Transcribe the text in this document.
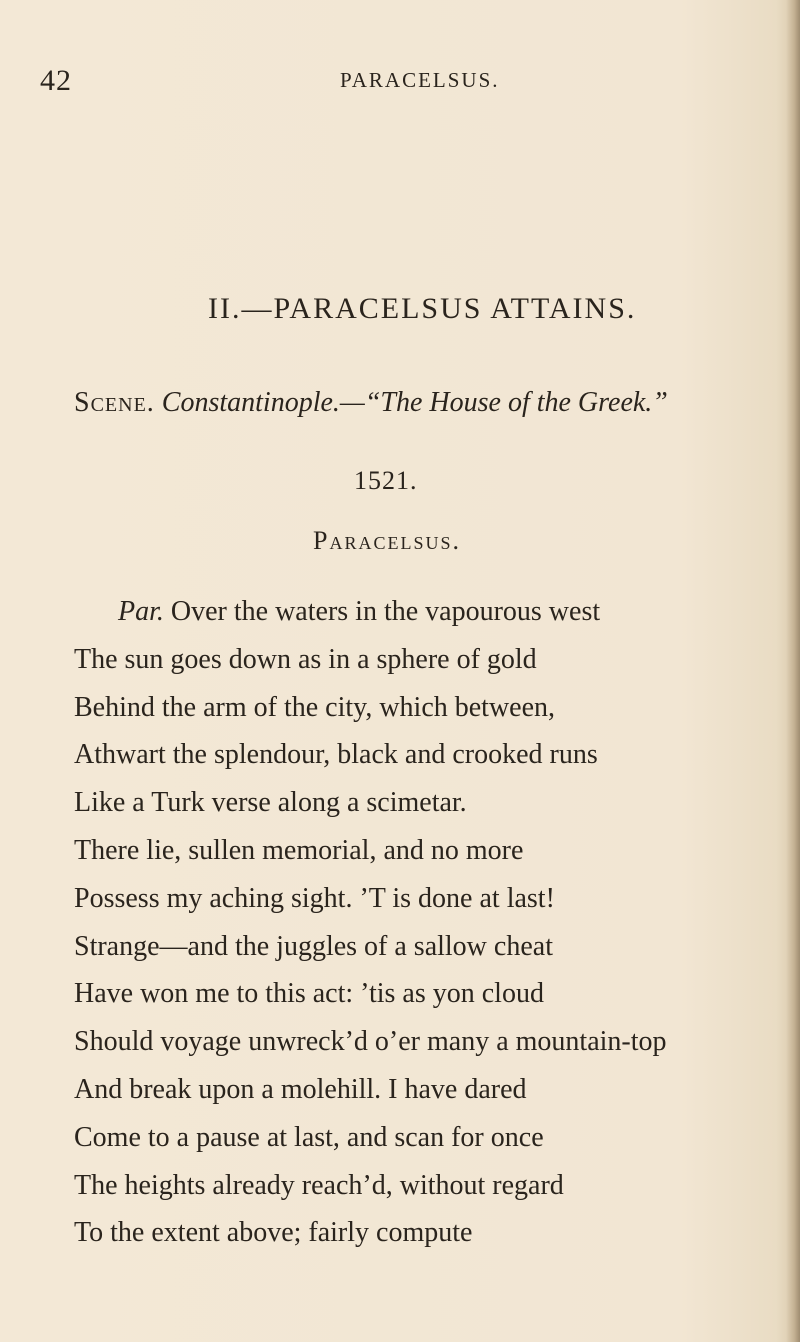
42	PARACELSUS.
II.—PARACELSUS ATTAINS.
Scene. Constantinople.—“The House of the Greek.”
1521.
Paracelsus.
Par. Over the waters in the vapourous west
The sun goes down as in a sphere of gold
Behind the arm of the city, which between,
Athwart the splendour, black and crooked runs
Like a Turk verse along a scimetar.
There lie, sullen memorial, and no more
Possess my aching sight. ’T is done at last!
Strange—and the juggles of a sallow cheat
Have won me to this act: ’tis as yon cloud
Should voyage unwreck’d o’er many a mountain-top
And break upon a molehill. I have dared
Come to a pause at last, and scan for once
The heights already reach’d, without regard
To the extent above; fairly compute
